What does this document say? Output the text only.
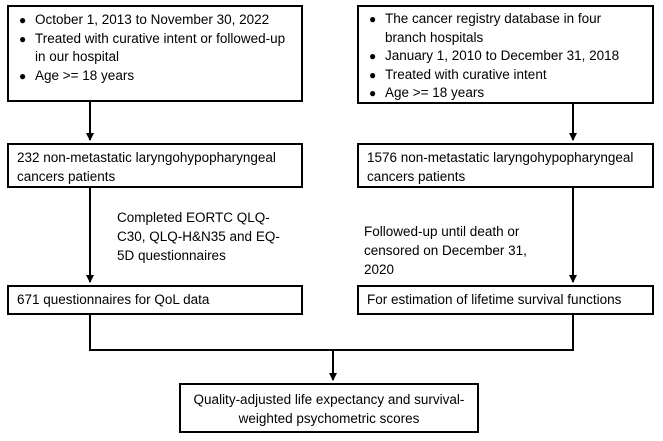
● October 1, 2013 to November 30, 2022
● Treated with curative intent or followed-up in our hospital
● Age >= 18 years
● The cancer registry database in four branch hospitals
● January 1, 2010 to December 31, 2018
● Treated with curative intent
● Age >= 18 years
232 non-metastatic laryngohypopharyngeal cancers patients
1576 non-metastatic laryngohypopharyngeal cancers patients
Completed EORTC QLQ-C30, QLQ-H&N35 and EQ-5D questionnaires
Followed-up until death or censored on December 31, 2020
671 questionnaires for QoL data	For estimation of lifetime survival functions
Quality-adjusted life expectancy and survival-weighted psychometric scores
